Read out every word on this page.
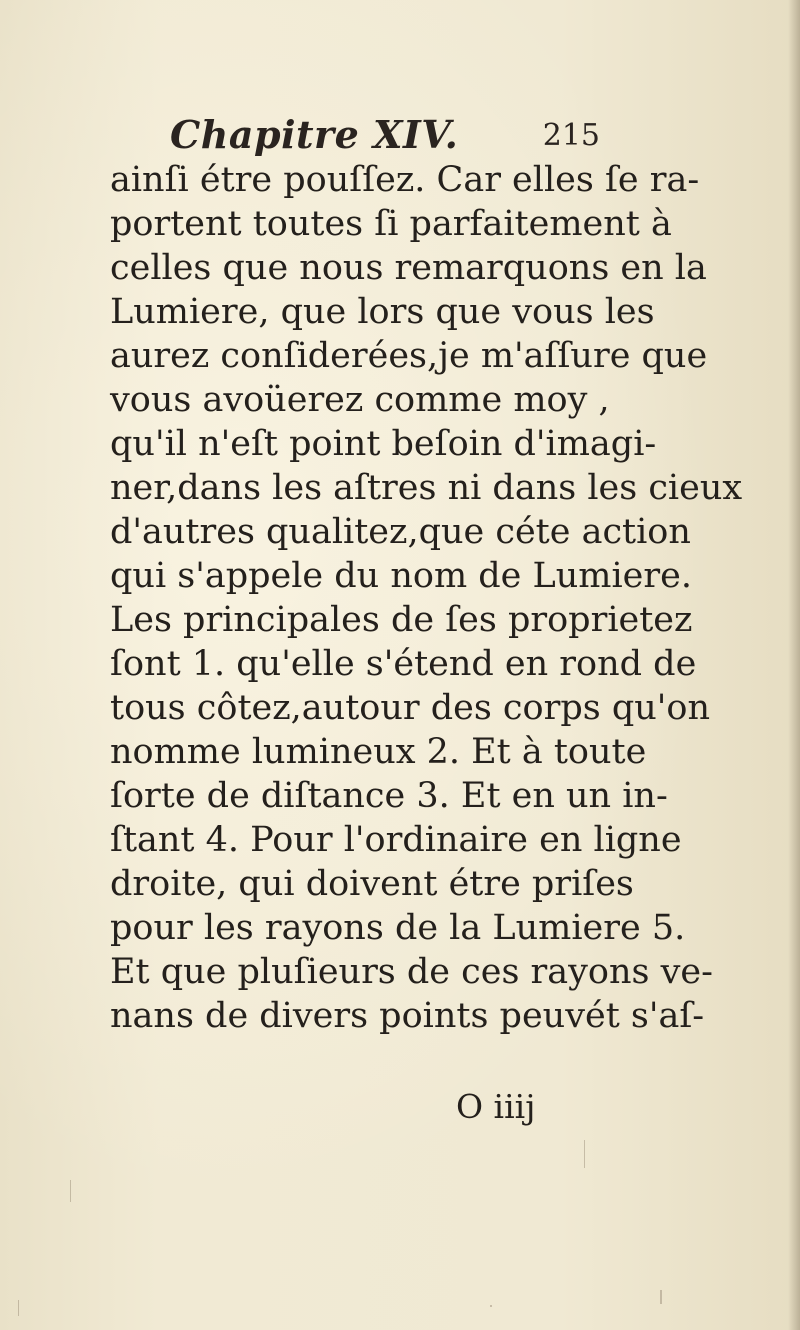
Chapitre XIV.	215
ainſi étre pouſſez. Car elles ſe ra-
portent toutes ſi parfaitement à
celles que nous remarquons en la
Lumiere, que lors que vous les
aurez conſiderées,je m'aſſure que
vous avoüerez comme moy ,
qu'il n'eſt point beſoin d'imagi-
ner,dans les aſtres ni dans les cieux
d'autres qualitez,que céte action
qui s'appele du nom de Lumiere.
Les principales de ſes proprietez
ſont 1. qu'elle s'étend en rond de
tous côtez,autour des corps qu'on
nomme lumineux 2. Et à toute
ſorte de diſtance 3. Et en un in-
ſtant 4. Pour l'ordinaire en ligne
droite, qui doivent étre priſes
pour les rayons de la Lumiere 5.
Et que pluſieurs de ces rayons ve-
nans de divers points peuvét s'aſ-
O iiij
